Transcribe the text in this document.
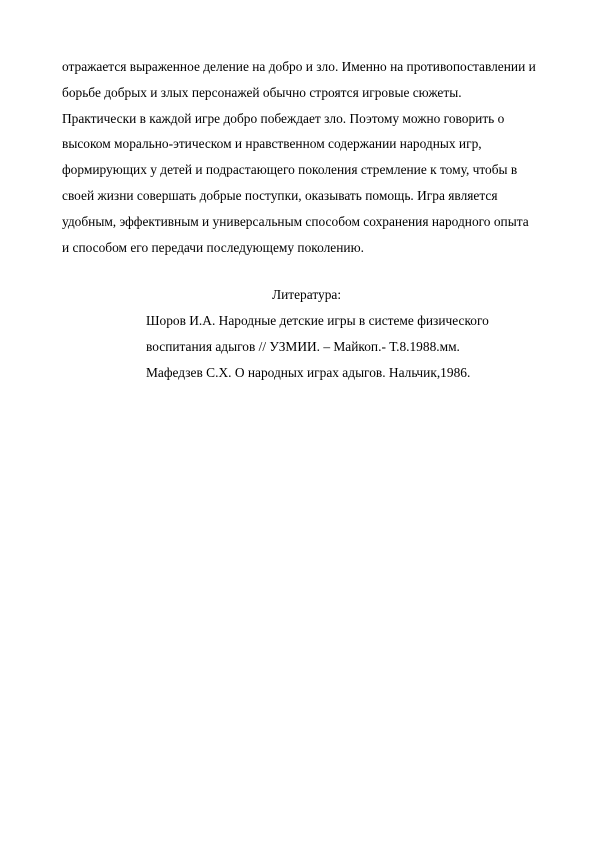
отражается выраженное деление на добро и зло. Именно на противопоставлении и
борьбе добрых и злых персонажей обычно строятся игровые сюжеты.
Практически в каждой игре добро побеждает зло. Поэтому можно говорить о
высоком морально-этическом и нравственном содержании народных игр,
формирующих у детей и подрастающего поколения стремление к тому, чтобы в
своей жизни совершать добрые поступки, оказывать помощь. Игра является
удобным, эффективным и универсальным способом сохранения народного опыта
и способом его передачи последующему поколению.
Литература:
Шоров И.А. Народные детские игры в системе физического
воспитания адыгов // УЗМИИ. – Майкоп.- Т.8.1988.мм.
Мафедзев С.Х. О народных играх адыгов. Нальчик,1986.
